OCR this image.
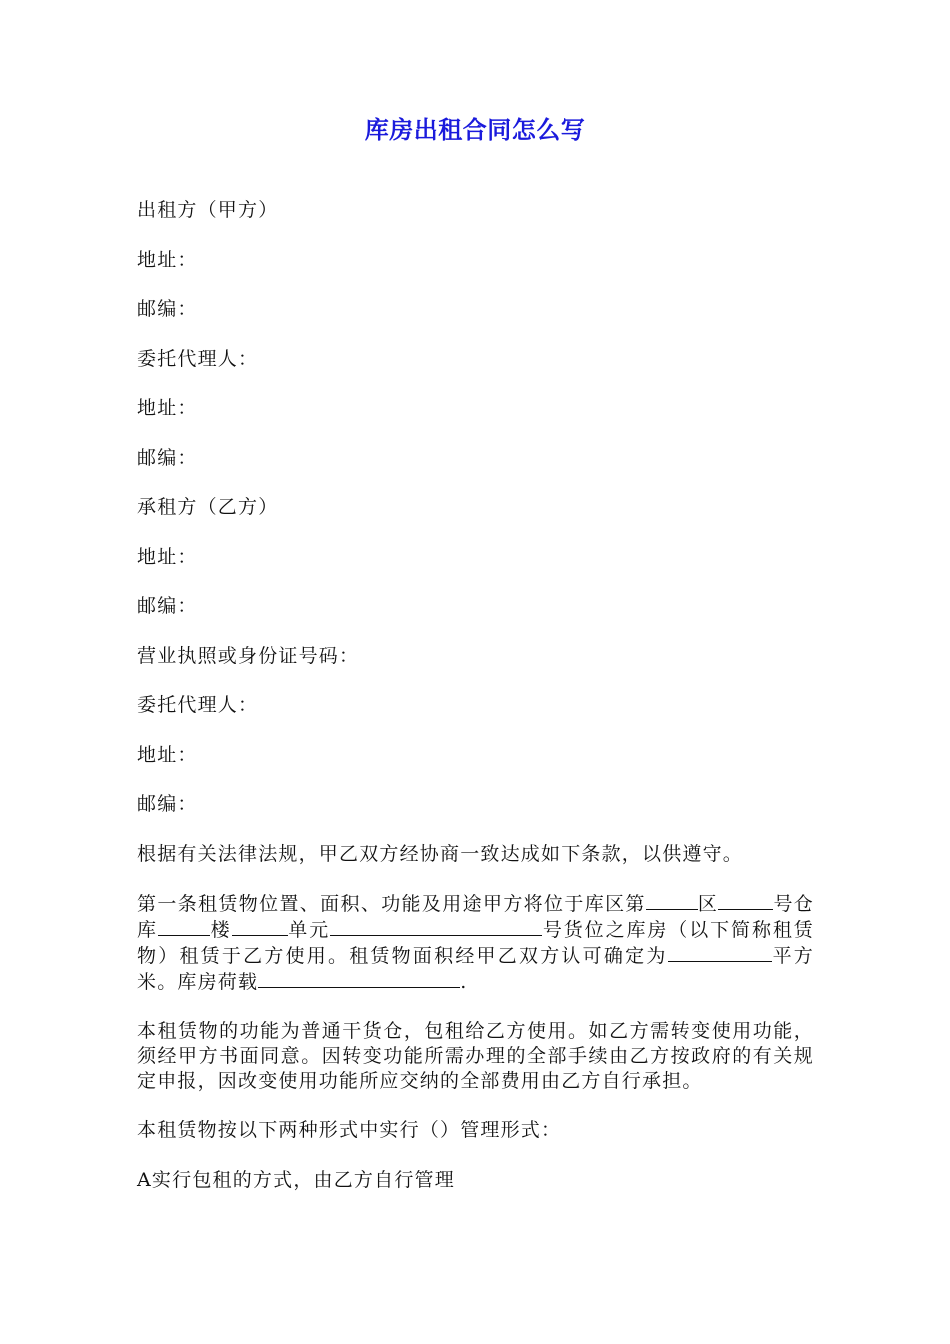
库房出租合同怎么写

出租方（甲方）

地址：

邮编：

委托代理人：

地址：

邮编：

承租方（乙方）

地址：

邮编：

营业执照或身份证号码：

委托代理人：

地址：

邮编：

根据有关法律法规，甲乙双方经协商一致达成如下条款，以供遵守。

第一条租赁物位置、面积、功能及用途甲方将位于库区第	区	号仓库	楼	单元	号货位之库房（以下简称租赁物）租赁于乙方使用。租赁物面积经甲乙双方认可确定为	平方米。库房荷载	.

本租赁物的功能为普通干货仓，包租给乙方使用。如乙方需转变使用功能，须经甲方书面同意。因转变功能所需办理的全部手续由乙方按政府的有关规定申报，因改变使用功能所应交纳的全部费用由乙方自行承担。

本租赁物按以下两种形式中实行（）管理形式：

A实行包租的方式，由乙方自行管理
